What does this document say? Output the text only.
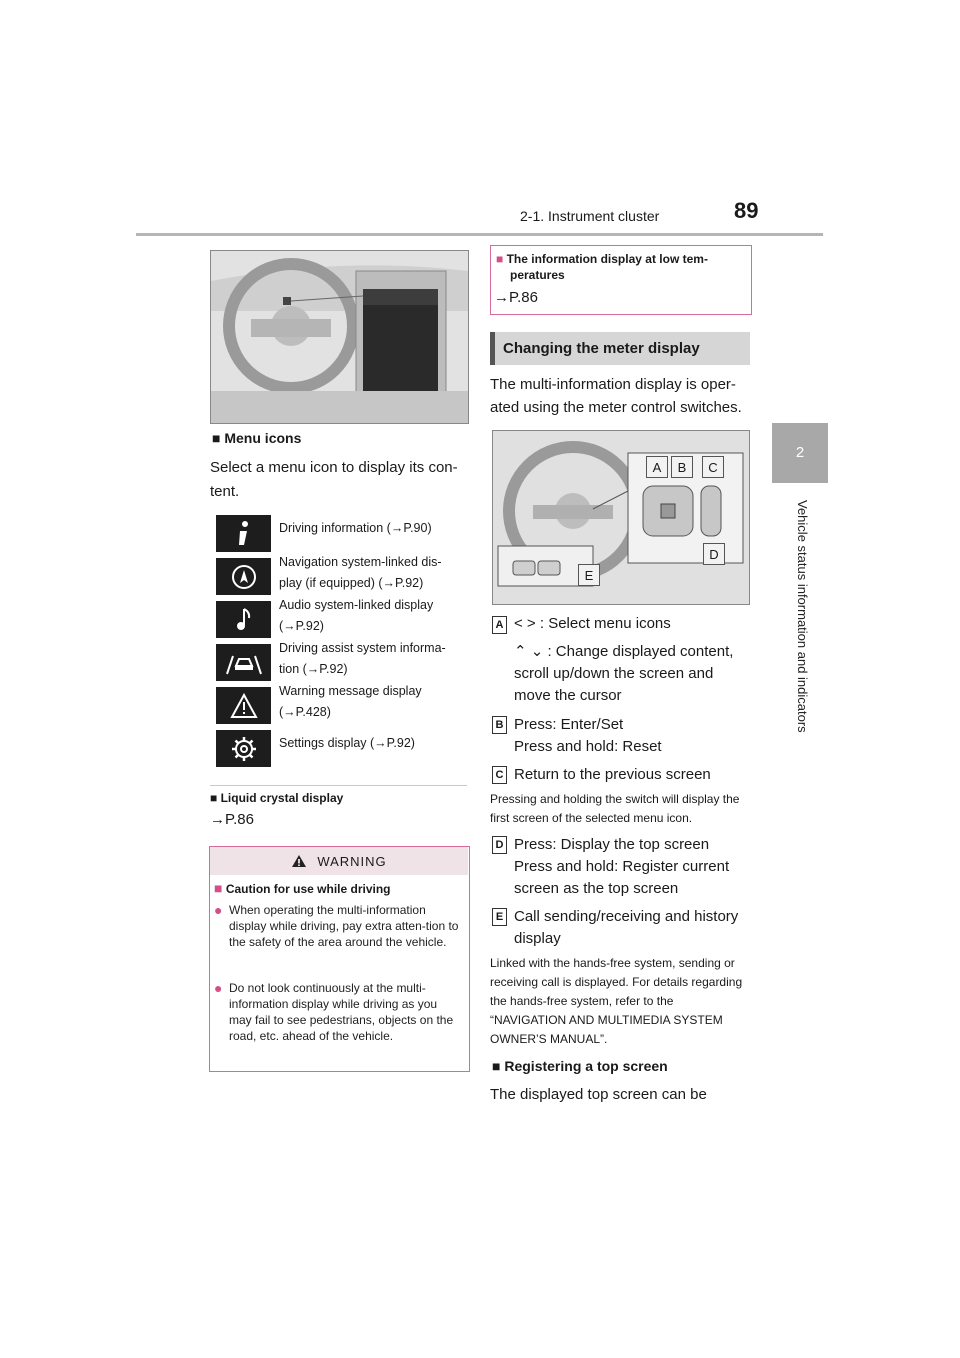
2-1. Instrument cluster	89
2
Vehicle status information and indicators
■ Menu icons
Select a menu icon to display its con-tent.
Driving information (→P.90)
Navigation system-linked dis-
play (if equipped) (→P.92)
Audio system-linked display
(→P.92)
Driving assist system informa-
tion (→P.92)
Warning message display
(→P.428)
Settings display (→P.92)
■ Liquid crystal display
→P.86
WARNING
■ Caution for use while driving
● When operating the multi-information display while driving, pay extra atten-tion to the safety of the area around the vehicle.
● Do not look continuously at the multi-information display while driving as you may fail to see pedestrians, objects on the road, etc. ahead of the vehicle.
■ The information display at low tem-
peratures
→P.86
Changing the meter display
The multi-information display is oper-ated using the meter control switches.
A	B	C
D
E
A < > : Select menu icons
⌃ ⌄ : Change displayed content, scroll up/down the screen and move the cursor
B Press: Enter/Set
Press and hold: Reset
C Return to the previous screen
Pressing and holding the switch will display the first screen of the selected menu icon.
D Press: Display the top screen
Press and hold: Register current screen as the top screen
E Call sending/receiving and history display
Linked with the hands-free system, sending or receiving call is displayed. For details regarding the hands-free system, refer to the “NAVIGATION AND MULTIMEDIA SYSTEM OWNER’S MANUAL”.
■ Registering a top screen
The displayed top screen can be
